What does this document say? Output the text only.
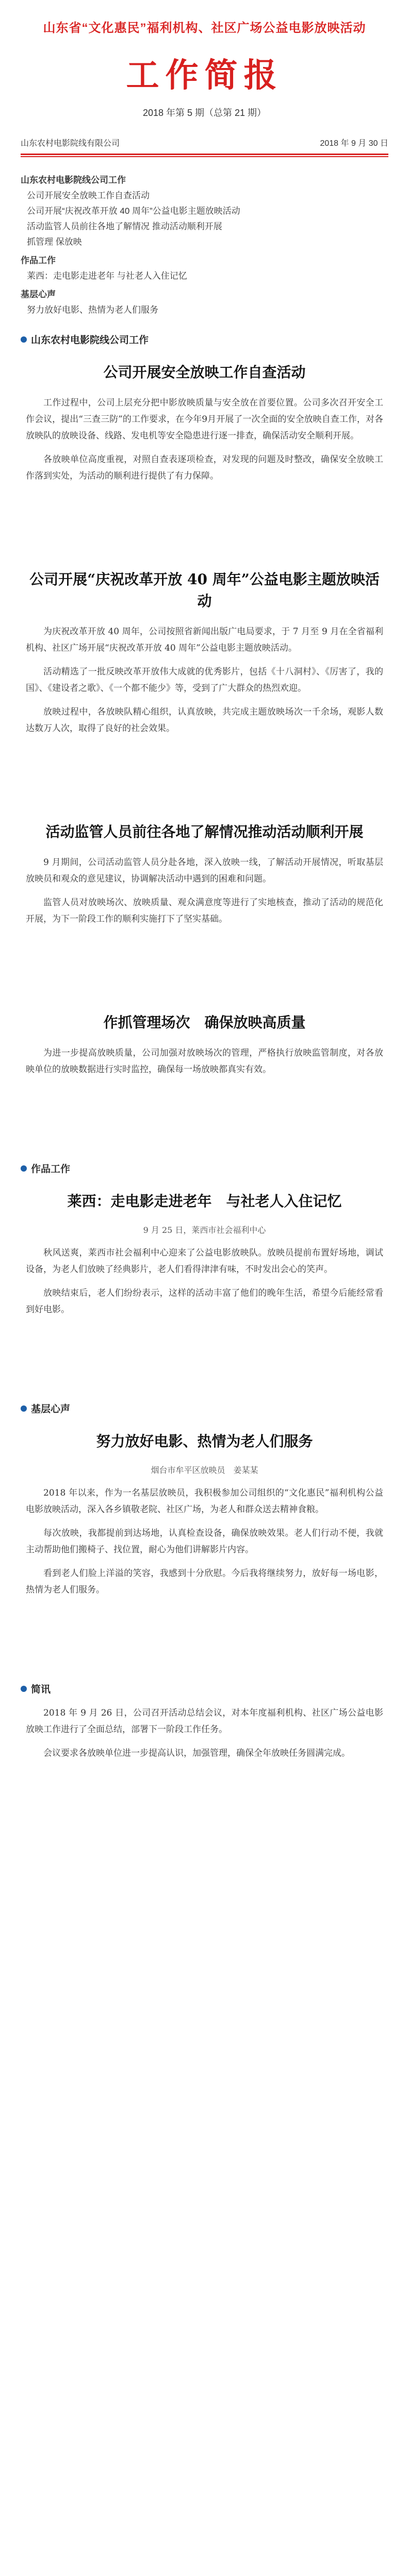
山东省“文化惠民”福利机构、社区广场公益电影放映活动
工作简报
2018 年第 5 期（总第 21 期）
山东农村电影院线有限公司	2018 年 9 月 30 日
山东农村电影院线公司工作
公司开展安全放映工作自查活动
公司开展“庆祝改革开放 40 周年”公益电影主题放映活动
活动监管人员前往各地了解情况 推动活动顺利开展
抓管理 保放映
作品工作
莱西：走电影走进老年 与社老人入住记忆
基层心声
努力放好电影、热情为老人们服务
山东农村电影院线公司工作
公司开展安全放映工作自查活动

工作过程中，公司上层充分把中影放映质量与安全放在首要位置。公司多次召开安全工作会议，提出“三查三防”的工作要求，在今年9月开展了一次全面的安全放映自查工作，对各放映队的放映设备、线路、发电机等安全隐患进行逐一排查，确保活动安全顺利开展。

各放映单位高度重视，对照自查表逐项检查，对发现的问题及时整改，确保安全放映工作落到实处，为活动的顺利进行提供了有力保障。

公司开展“庆祝改革开放 40 周年”公益电影主题放映活动

为庆祝改革开放 40 周年，公司按照省新闻出版广电局要求，于 7 月至 9 月在全省福利机构、社区广场开展“庆祝改革开放 40 周年”公益电影主题放映活动。

活动精选了一批反映改革开放伟大成就的优秀影片，包括《十八洞村》、《厉害了，我的国》、《建设者之歌》、《一个都不能少》等，受到了广大群众的热烈欢迎。

放映过程中，各放映队精心组织，认真放映，共完成主题放映场次一千余场，观影人数达数万人次，取得了良好的社会效果。

活动监管人员前往各地了解情况推动活动顺利开展

9 月期间，公司活动监管人员分赴各地，深入放映一线，了解活动开展情况，听取基层放映员和观众的意见建议，协调解决活动中遇到的困难和问题。

监管人员对放映场次、放映质量、观众满意度等进行了实地核查，推动了活动的规范化开展，为下一阶段工作的顺利实施打下了坚实基础。

作抓管理场次　确保放映高质量

为进一步提高放映质量，公司加强对放映场次的管理，严格执行放映监管制度，对各放映单位的放映数据进行实时监控，确保每一场放映都真实有效。

作品工作
莱西：走电影走进老年　与社老人入住记忆
9 月 25 日，莱西市社会福利中心

秋风送爽，莱西市社会福利中心迎来了公益电影放映队。放映员提前布置好场地，调试设备，为老人们放映了经典影片，老人们看得津津有味，不时发出会心的笑声。

放映结束后，老人们纷纷表示，这样的活动丰富了他们的晚年生活，希望今后能经常看到好电影。

基层心声
努力放好电影、热情为老人们服务
烟台市牟平区放映员　姜某某

2018 年以来，作为一名基层放映员，我积极参加公司组织的“文化惠民”福利机构公益电影放映活动，深入各乡镇敬老院、社区广场，为老人和群众送去精神食粮。

每次放映，我都提前到达场地，认真检查设备，确保放映效果。老人们行动不便，我就主动帮助他们搬椅子、找位置，耐心为他们讲解影片内容。

看到老人们脸上洋溢的笑容，我感到十分欣慰。今后我将继续努力，放好每一场电影，热情为老人们服务。

简讯

2018 年 9 月 26 日，公司召开活动总结会议，对本年度福利机构、社区广场公益电影放映工作进行了全面总结，部署下一阶段工作任务。

会议要求各放映单位进一步提高认识，加强管理，确保全年放映任务圆满完成。
